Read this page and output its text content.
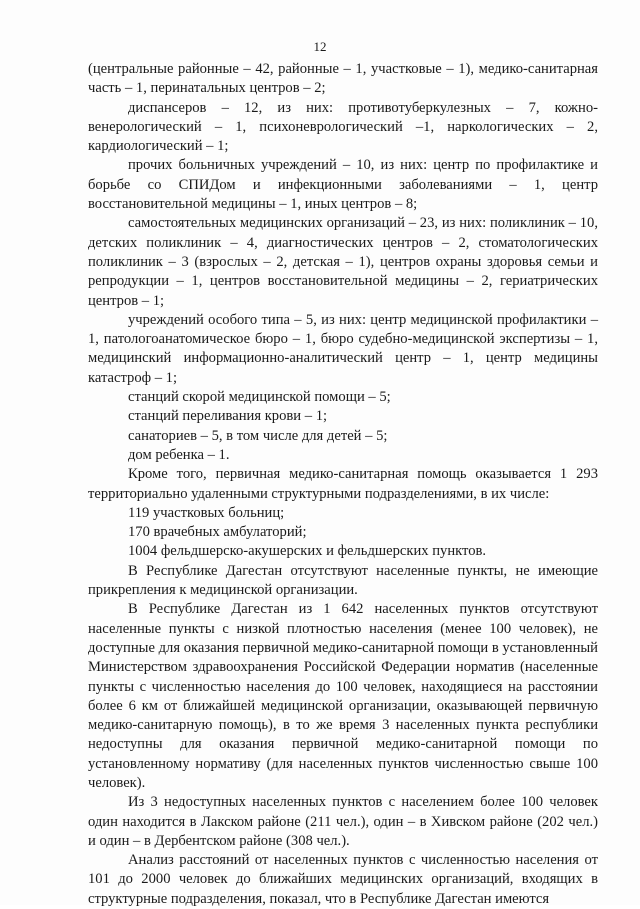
12

(центральные районные – 42, районные – 1, участковые – 1), медико-санитарная часть – 1, перинатальных центров – 2;

диспансеров – 12, из них: противотуберкулезных – 7, кожно-венерологический – 1, психоневрологический –1, наркологических – 2, кардиологический – 1;

прочих больничных учреждений – 10, из них: центр по профилактике и борьбе со СПИДом и инфекционными заболеваниями – 1, центр восстановительной медицины – 1, иных центров – 8;

самостоятельных медицинских организаций – 23, из них: поликлиник – 10, детских поликлиник – 4, диагностических центров – 2, стоматологических поликлиник – 3 (взрослых – 2, детская – 1), центров охраны здоровья семьи и репродукции – 1, центров восстановительной медицины – 2, гериатрических центров – 1;

учреждений особого типа – 5, из них: центр медицинской профилактики – 1, патологоанатомическое бюро – 1, бюро судебно-медицинской экспертизы – 1, медицинский информационно-аналитический центр – 1, центр медицины катастроф – 1;

станций скорой медицинской помощи – 5;

станций переливания крови – 1;

санаториев – 5, в том числе для детей – 5;

дом ребенка – 1.

Кроме того, первичная медико-санитарная помощь оказывается 1 293 территориально удаленными структурными подразделениями, в их числе:

119 участковых больниц;

170 врачебных амбулаторий;

1004 фельдшерско-акушерских и фельдшерских пунктов.

В Республике Дагестан отсутствуют населенные пункты, не имеющие прикрепления к медицинской организации.

В Республике Дагестан из 1 642 населенных пунктов отсутствуют населенные пункты с низкой плотностью населения (менее 100 человек), не доступные для оказания первичной медико-санитарной помощи в установленный Министерством здравоохранения Российской Федерации норматив (населенные пункты с численностью населения до 100 человек, находящиеся на расстоянии более 6 км от ближайшей медицинской организации, оказывающей первичную медико-санитарную помощь), в то же время 3 населенных пункта республики недоступны для оказания первичной медико-санитарной помощи по установленному нормативу (для населенных пунктов численностью свыше 100 человек).

Из 3 недоступных населенных пунктов с населением более 100 человек один находится в Лакском районе (211 чел.), один – в Хивском районе (202 чел.) и один – в Дербентском районе (308 чел.).

Анализ расстояний от населенных пунктов с численностью населения от 101 до 2000 человек до ближайших медицинских организаций, входящих в структурные подразделения, показал, что в Республике Дагестан имеются
